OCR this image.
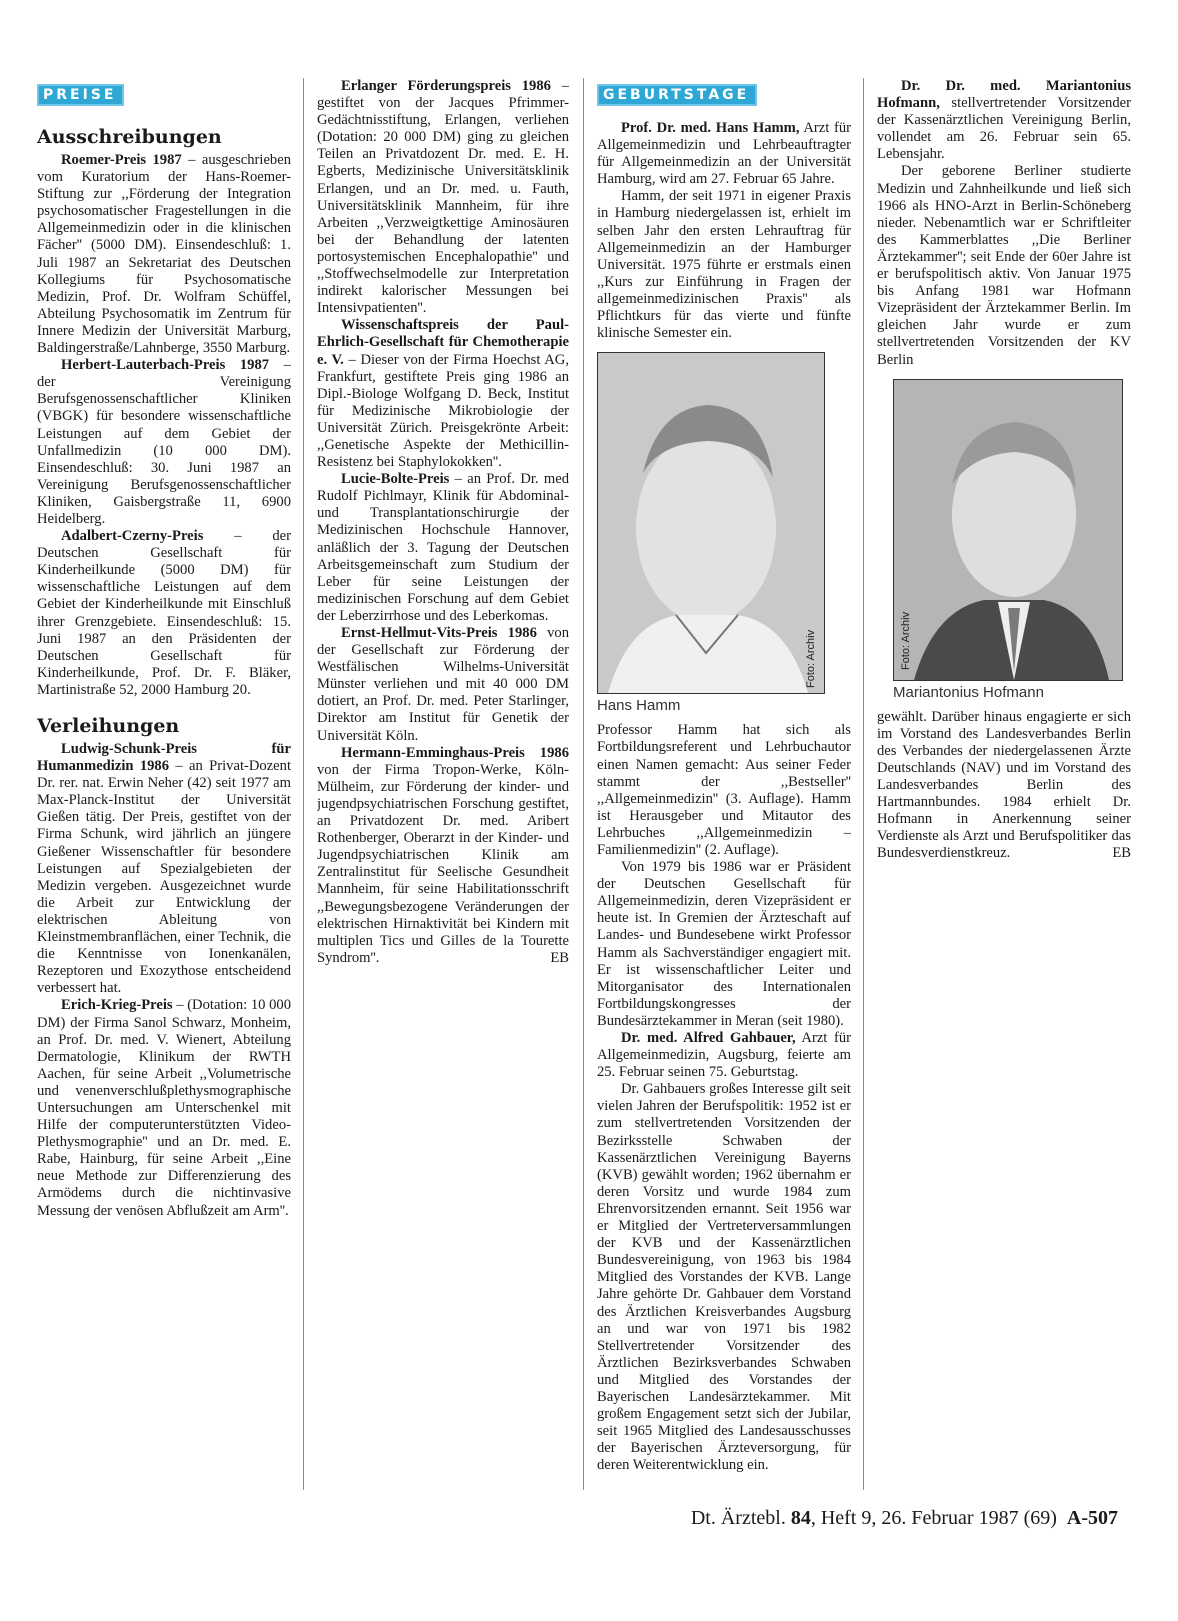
PREISE
Ausschreibungen

Roemer-Preis 1987 – ausgeschrieben vom Kuratorium der Hans-Roemer-Stiftung zur ,,Förderung der Integration psychosomatischer Fragestellungen in die Allgemeinmedizin oder in die klinischen Fächer'' (5000 DM). Einsendeschluß: 1. Juli 1987 an Sekretariat des Deutschen Kollegiums für Psychosomatische Medizin, Prof. Dr. Wolfram Schüffel, Abteilung Psychosomatik im Zentrum für Innere Medizin der Universität Marburg, Baldingerstraße/Lahnberge, 3550 Marburg.

Herbert-Lauterbach-Preis 1987 – der Vereinigung Berufsgenossenschaftlicher Kliniken (VBGK) für besondere wissenschaftliche Leistungen auf dem Gebiet der Unfallmedizin (10 000 DM). Einsendeschluß: 30. Juni 1987 an Vereinigung Berufsgenossenschaftlicher Kliniken, Gaisbergstraße 11, 6900 Heidelberg.

Adalbert-Czerny-Preis – der Deutschen Gesellschaft für Kinderheilkunde (5000 DM) für wissenschaftliche Leistungen auf dem Gebiet der Kinderheilkunde mit Einschluß ihrer Grenzgebiete. Einsendeschluß: 15. Juni 1987 an den Präsidenten der Deutschen Gesellschaft für Kinderheilkunde, Prof. Dr. F. Bläker, Martinistraße 52, 2000 Hamburg 20.

Verleihungen

Ludwig-Schunk-Preis für Humanmedizin 1986 – an Privat-Dozent Dr. rer. nat. Erwin Neher (42) seit 1977 am Max-Planck-Institut der Universität Gießen tätig. Der Preis, gestiftet von der Firma Schunk, wird jährlich an jüngere Gießener Wissenschaftler für besondere Leistungen auf Spezialgebieten der Medizin vergeben. Ausgezeichnet wurde die Arbeit zur Entwicklung der elektrischen Ableitung von Kleinstmembranflächen, einer Technik, die die Kenntnisse von Ionenkanälen, Rezeptoren und Exozythose entscheidend verbessert hat.

Erich-Krieg-Preis – (Dotation: 10 000 DM) der Firma Sanol Schwarz, Monheim, an Prof. Dr. med. V. Wienert, Abteilung Dermatologie, Klinikum der RWTH Aachen, für seine Arbeit ,,Volumetrische und venenverschlußplethysmographische Untersuchungen am Unterschenkel mit Hilfe der computerunterstützten Video-Plethysmographie'' und an Dr. med. E. Rabe, Hainburg, für seine Arbeit ,,Eine neue Methode zur Differenzierung des Armödems durch die nichtinvasive Messung der venösen Abflußzeit am Arm''.

Erlanger Förderungspreis 1986 – gestiftet von der Jacques Pfrimmer-Gedächtnisstiftung, Erlangen, verliehen (Dotation: 20 000 DM) ging zu gleichen Teilen an Privatdozent Dr. med. E. H. Egberts, Medizinische Universitätsklinik Erlangen, und an Dr. med. u. Fauth, Universitätsklinik Mannheim, für ihre Arbeiten ,,Verzweigtkettige Aminosäuren bei der Behandlung der latenten portosystemischen Encephalopathie'' und ,,Stoffwechselmodelle zur Interpretation indirekt kalorischer Messungen bei Intensivpatienten''.

Wissenschaftspreis der Paul-Ehrlich-Gesellschaft für Chemotherapie e. V. – Dieser von der Firma Hoechst AG, Frankfurt, gestiftete Preis ging 1986 an Dipl.-Biologe Wolfgang D. Beck, Institut für Medizinische Mikrobiologie der Universität Zürich. Preisgekrönte Arbeit: ,,Genetische Aspekte der Methicillin-Resistenz bei Staphylokokken''.

Lucie-Bolte-Preis – an Prof. Dr. med Rudolf Pichlmayr, Klinik für Abdominal- und Transplantationschirurgie der Medizinischen Hochschule Hannover, anläßlich der 3. Tagung der Deutschen Arbeitsgemeinschaft zum Studium der Leber für seine Leistungen der medizinischen Forschung auf dem Gebiet der Leberzirrhose und des Leberkomas.

Ernst-Hellmut-Vits-Preis 1986 von der Gesellschaft zur Förderung der Westfälischen Wilhelms-Universität Münster verliehen und mit 40 000 DM dotiert, an Prof. Dr. med. Peter Starlinger, Direktor am Institut für Genetik der Universität Köln.

Hermann-Emminghaus-Preis 1986 von der Firma Tropon-Werke, Köln-Mülheim, zur Förderung der kinder- und jugendpsychiatrischen Forschung gestiftet, an Privatdozent Dr. med. Aribert Rothenberger, Oberarzt in der Kinder- und Jugendpsychiatrischen Klinik am Zentralinstitut für Seelische Gesundheit Mannheim, für seine Habilitationsschrift ,,Bewegungsbezogene Veränderungen der elektrischen Hirnaktivität bei Kindern mit multiplen Tics und Gilles de la Tourette Syndrom''.	EB

GEBURTSTAGE

Prof. Dr. med. Hans Hamm, Arzt für Allgemeinmedizin und Lehrbeauftragter für Allgemeinmedizin an der Universität Hamburg, wird am 27. Februar 65 Jahre.

Hamm, der seit 1971 in eigener Praxis in Hamburg niedergelassen ist, erhielt im selben Jahr den ersten Lehrauftrag für Allgemeinmedizin an der Hamburger Universität. 1975 führte er erstmals einen ,,Kurs zur Einführung in Fragen der allgemeinmedizinischen Praxis'' als Pflichtkurs für das vierte und fünfte klinische Semester ein.

Foto: Archiv
Hans Hamm

Professor Hamm hat sich als Fortbildungsreferent und Lehrbuchautor einen Namen gemacht: Aus seiner Feder stammt der ,,Bestseller'' ,,Allgemeinmedizin'' (3. Auflage). Hamm ist Herausgeber und Mitautor des Lehrbuches ,,Allgemeinmedizin – Familienmedizin'' (2. Auflage).

Von 1979 bis 1986 war er Präsident der Deutschen Gesellschaft für Allgemeinmedizin, deren Vizepräsident er heute ist. In Gremien der Ärzteschaft auf Landes- und Bundesebene wirkt Professor Hamm als Sachverständiger engagiert mit. Er ist wissenschaftlicher Leiter und Mitorganisator des Internationalen Fortbildungskongresses der Bundesärztekammer in Meran (seit 1980).

Dr. med. Alfred Gahbauer, Arzt für Allgemeinmedizin, Augsburg, feierte am 25. Februar seinen 75. Geburtstag.

Dr. Gahbauers großes Interesse gilt seit vielen Jahren der Berufspolitik: 1952 ist er zum stellvertretenden Vorsitzenden der Bezirksstelle Schwaben der Kassenärztlichen Vereinigung Bayerns (KVB) gewählt worden; 1962 übernahm er deren Vorsitz und wurde 1984 zum Ehrenvorsitzenden ernannt. Seit 1956 war er Mitglied der Vertreterversammlungen der KVB und der Kassenärztlichen Bundesvereinigung, von 1963 bis 1984 Mitglied des Vorstandes der KVB. Lange Jahre gehörte Dr. Gahbauer dem Vorstand des Ärztlichen Kreisverbandes Augsburg an und war von 1971 bis 1982 Stellvertretender Vorsitzender des Ärztlichen Bezirksverbandes Schwaben und Mitglied des Vorstandes der Bayerischen Landesärztekammer. Mit großem Engagement setzt sich der Jubilar, seit 1965 Mitglied des Landesausschusses der Bayerischen Ärzteversorgung, für deren Weiterentwicklung ein.

Dr. Dr. med. Mariantonius Hofmann, stellvertretender Vorsitzender der Kassenärztlichen Vereinigung Berlin, vollendet am 26. Februar sein 65. Lebensjahr.

Der geborene Berliner studierte Medizin und Zahnheilkunde und ließ sich 1966 als HNO-Arzt in Berlin-Schöneberg nieder. Nebenamtlich war er Schriftleiter des Kammerblattes ,,Die Berliner Ärztekammer''; seit Ende der 60er Jahre ist er berufspolitisch aktiv. Von Januar 1975 bis Anfang 1981 war Hofmann Vizepräsident der Ärztekammer Berlin. Im gleichen Jahr wurde er zum stellvertretenden Vorsitzenden der KV Berlin

Foto: Archiv
Mariantonius Hofmann

gewählt. Darüber hinaus engagierte er sich im Vorstand des Landesverbandes Berlin des Verbandes der niedergelassenen Ärzte Deutschlands (NAV) und im Vorstand des Landesverbandes Berlin des Hartmannbundes. 1984 erhielt Dr. Hofmann in Anerkennung seiner Verdienste als Arzt und Berufspolitiker das Bundesverdienstkreuz.	EB

Dt. Ärztebl. 84, Heft 9, 26. Februar 1987 (69) A-507
